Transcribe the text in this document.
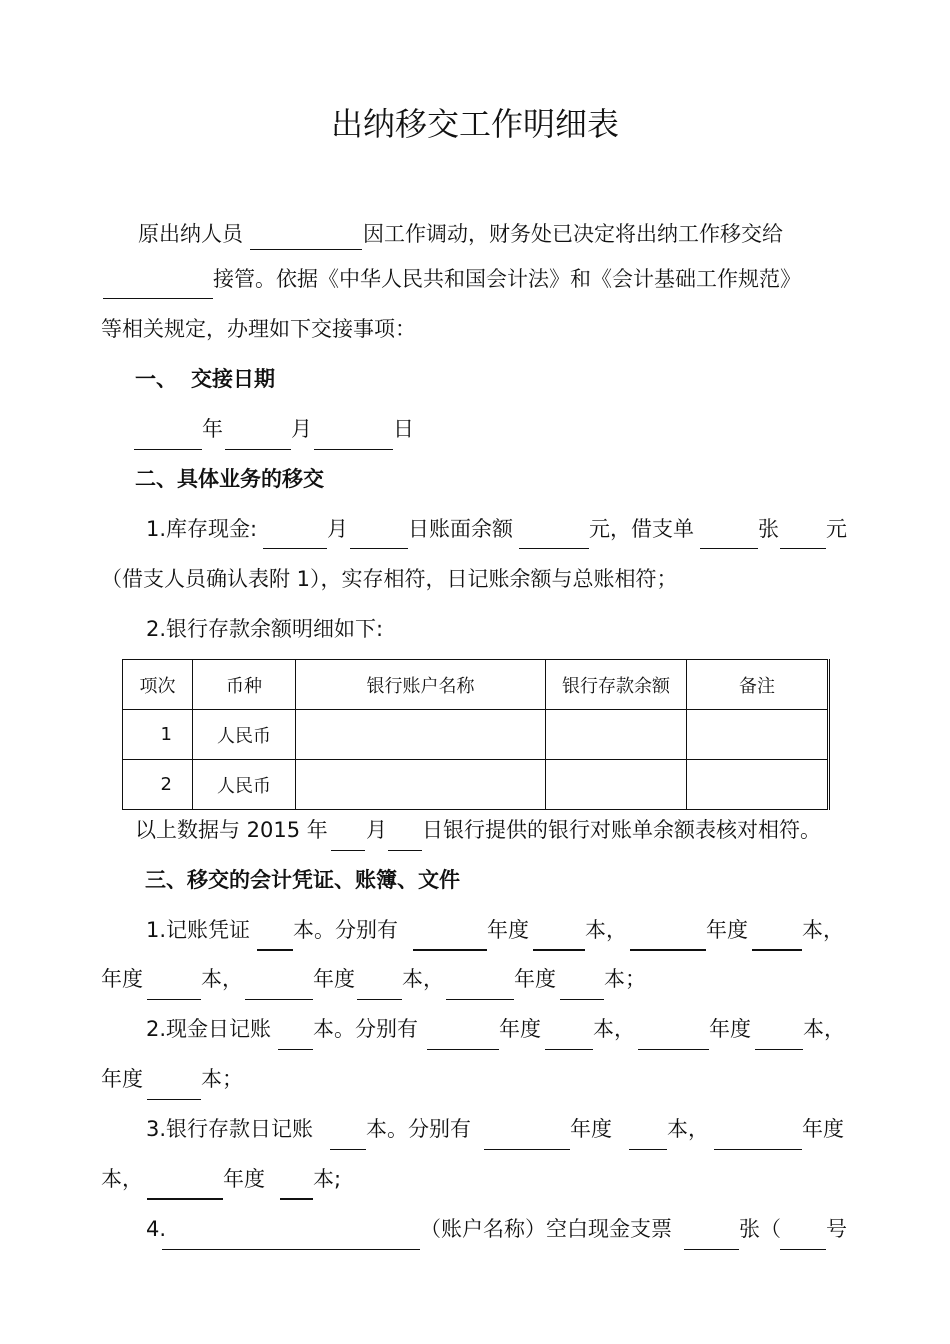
出纳移交工作明细表
原出纳人员	因工作调动，财务处已决定将出纳工作移交给
接管。依据《中华人民共和国会计法》和《会计基础工作规范》
等相关规定，办理如下交接事项：
一、 交接日期
年	月	日
二、具体业务的移交
1.库存现金:	月	日账面余额	元，借支单	张 元
（借支人员确认表附 1），实存相符，日记账余额与总账相符；
2.银行存款余额明细如下:
项次	币种	银行账户名称	银行存款余额	备注
1	人民币			
2	人民币			
以上数据与 2015 年 月 日银行提供的银行对账单余额表核对相符。
三、移交的会计凭证、账簿、文件
1.记账凭证 本。分别有	年度	本，	年度	本，
年度	本，	年度 本，	年度 本；
2.现金日记账 本。分别有	年度 本，	年度 本，
年度	本；
3.银行存款日记账	本。分别有	年度	本，	年度
本，	年度 本;
4.	（账户名称）空白现金支票	张（ 号
